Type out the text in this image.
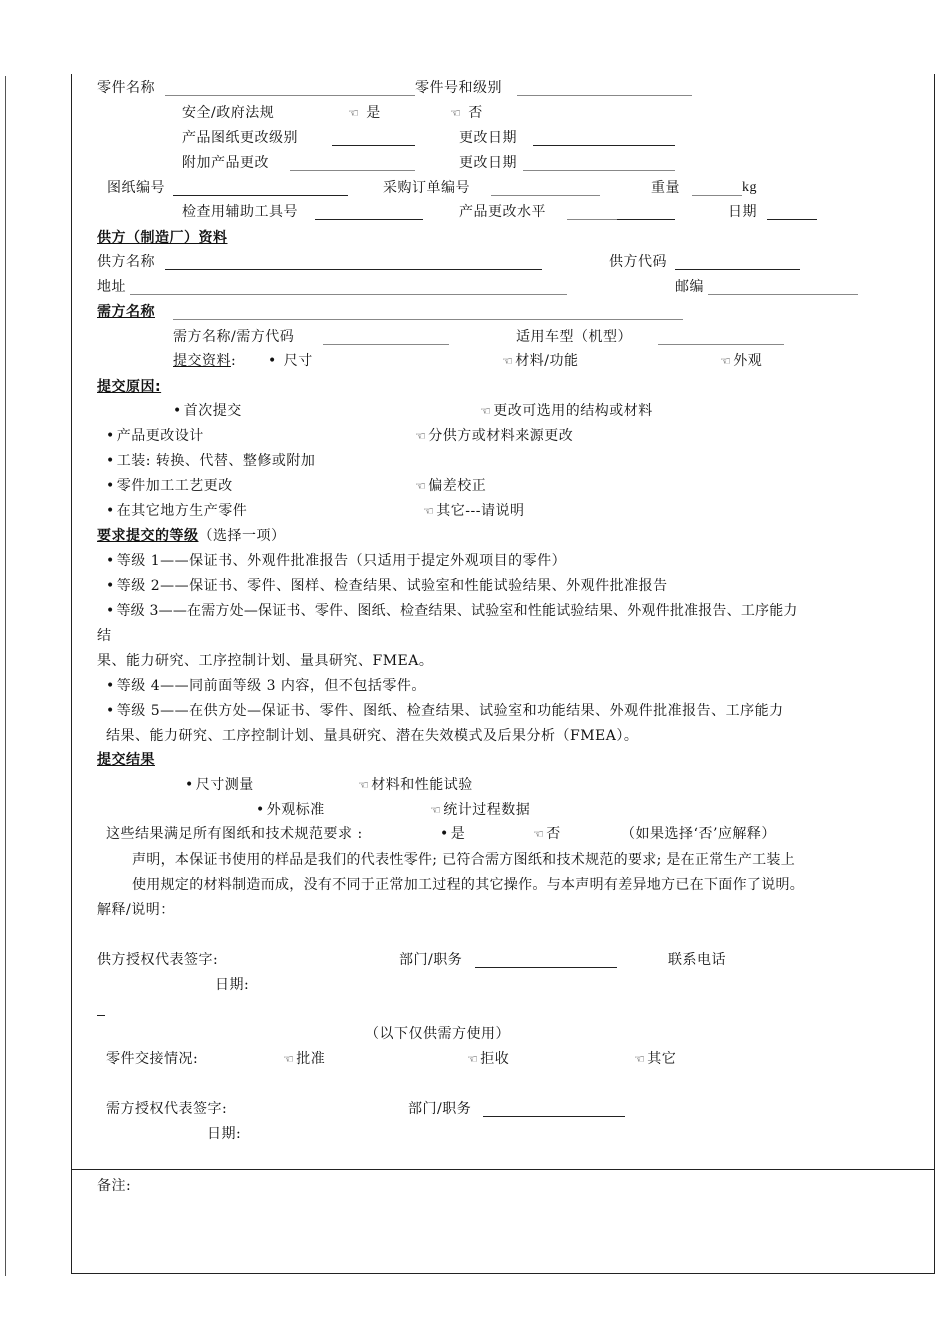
零件名称	零件号和级别
安全/政府法规	☜ 是	☜ 否
产品图纸更改级别	更改日期
附加产品更改	更改日期
图纸编号	采购订单编号	重量	kg
检查用辅助工具号	产品更改水平	日期
供方（制造厂）资料
供方名称	供方代码
地址	邮编
需方名称
需方名称/需方代码	适用车型（机型）
提交资料: • 尺寸	☜ 材料/功能	☜ 外观
提交原因:
• 首次提交	☜ 更改可选用的结构或材料
• 产品更改设计	☜ 分供方或材料来源更改
• 工装: 转换、代替、整修或附加
• 零件加工工艺更改	☜ 偏差校正
• 在其它地方生产零件	☜ 其它---请说明
要求提交的等级（选择一项）
• 等级 1——保证书、外观件批准报告（只适用于提定外观项目的零件）
• 等级 2——保证书、零件、图样、检查结果、试验室和性能试验结果、外观件批准报告
• 等级 3——在需方处—保证书、零件、图纸、检查结果、试验室和性能试验结果、外观件批准报告、工序能力
结
果、能力研究、工序控制计划、量具研究、FMEA。
• 等级 4——同前面等级 3 内容，但不包括零件。
• 等级 5——在供方处—保证书、零件、图纸、检查结果、试验室和功能结果、外观件批准报告、工序能力
结果、能力研究、工序控制计划、量具研究、潜在失效模式及后果分析（FMEA）。
提交结果
• 尺寸测量	☜ 材料和性能试验
• 外观标准	☜ 统计过程数据
这些结果满足所有图纸和技术规范要求 :	• 是	☜ 否	（如果选择‘否’应解释）
声明，本保证书使用的样品是我们的代表性零件; 已符合需方图纸和技术规范的要求; 是在正常生产工装上
使用规定的材料制造而成，没有不同于正常加工过程的其它操作。与本声明有差异地方已在下面作了说明。
解释/说明：
供方授权代表签字:	部门/职务	联系电话
日期:
（以下仅供需方使用）
零件交接情况:	☜ 批准	☜ 拒收	☜ 其它
需方授权代表签字:	部门/职务
日期:
备注:
